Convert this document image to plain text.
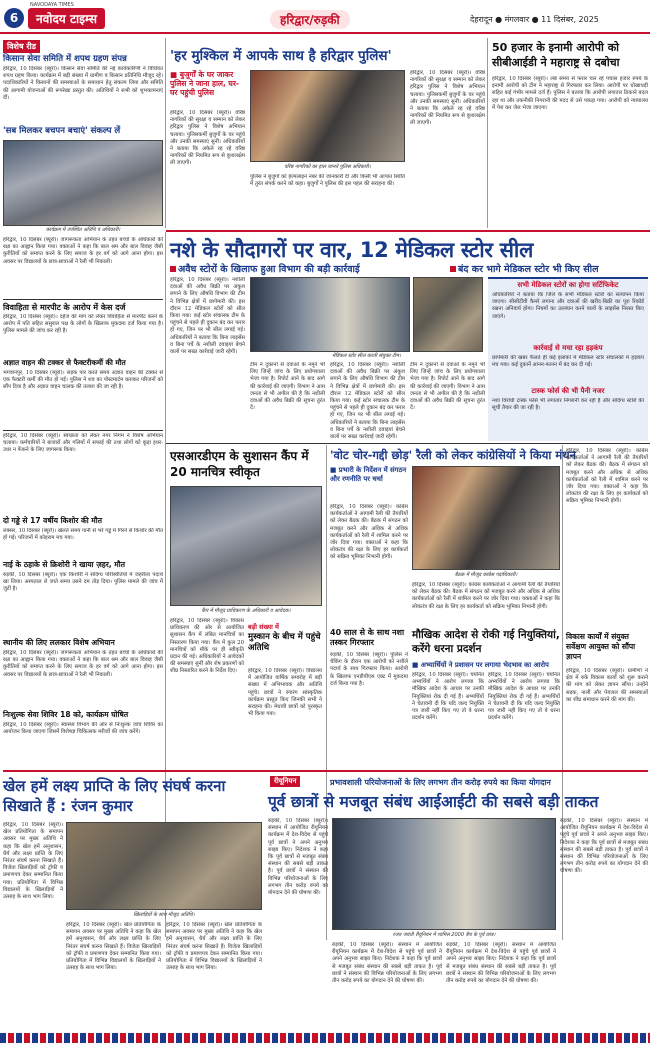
6
NAVODAYA TIMES
नवोदय टाइम्स	हरिद्वार/रुड़की	देहरादून ● मंगलवार ● 11 दिसंबर, 2025
विशेष रीड
किसान सेवा समिति में शपथ ग्रहण संपन्न
हरिद्वार, 10 दिसंबर (ब्यूरो)। किसान सेवा समिति की नई कार्यकारिणी ने विधिवत शपथ ग्रहण किया। कार्यक्रम में बड़ी संख्या में ग्रामीण व किसान प्रतिनिधि मौजूद रहे। पदाधिकारियों ने किसानों की समस्याओं के समाधान हेतु संकल्प लिया और समिति की आगामी योजनाओं की रूपरेखा प्रस्तुत की। अतिथियों ने सभी को शुभकामनाएं दीं।
'सब मिलकर बचपन बचाएं' संकल्प लें
कार्यक्रम में उपस्थित अतिथि व अधिकारी।
हरिद्वार, 10 दिसंबर (ब्यूरो)। जागरूकता अभियान के तहत बच्चों के अधिकारों की रक्षा का आह्वान किया गया। वक्ताओं ने कहा कि बाल श्रम और बाल विवाह जैसी कुरीतियों को समाप्त करने के लिए समाज के हर वर्ग को आगे आना होगा। इस अवसर पर विद्यालयों के छात्र-छात्राओं ने रैली भी निकाली।
विवाहिता से मारपीट के आरोप में केस दर्ज
हरिद्वार, 10 दिसंबर (ब्यूरो)। दहेज की मांग को लेकर विवाहिता से मारपीट करने के आरोप में पति सहित ससुराल पक्ष के लोगों के खिलाफ मुकदमा दर्ज किया गया है। पुलिस मामले की जांच कर रही है।
अज्ञात वाहन की टक्कर से फैक्टरीकर्मी की मौत
भगवानपुर, 10 दिसंबर (ब्यूरो)। सड़क पार करते समय अज्ञात वाहन की टक्कर से एक फैक्टरी कर्मी की मौत हो गई। पुलिस ने शव का पोस्टमार्टम कराकर परिजनों को सौंप दिया है और अज्ञात वाहन चालक की तलाश की जा रही है।
हरिद्वार, 10 दिसंबर (ब्यूरो)। स्वच्छता को लेकर नगर निगम ने विशेष अभियान चलाया। कर्मचारियों ने बाजारों और गलियों में सफाई की तथा लोगों को कूड़ा इधर-उधर न फेंकने के लिए जागरूक किया।
दो गड्डे से 17 वर्षीय किशोर की मौत
लक्सर, 10 दिसंबर (ब्यूरो)। खेलते समय पानी से भरे गड्ढे में गिरने से किशोर की मौत हो गई। परिजनों में कोहराम मच गया।
नाई के ठहाके से क्रिशोरी ने खाया ज़हर, मौत
रुड़की, 10 दिसंबर (ब्यूरो)। एक किशोरी ने संदिग्ध परिस्थितियों में जहरीला पदार्थ खा लिया। अस्पताल ले जाते समय उसने दम तोड़ दिया। पुलिस मामले की जांच में जुटी है।
स्थानीय की लिए ललकार विशेष अभियान
हरिद्वार, 10 दिसंबर (ब्यूरो)। जागरूकता अभियान के तहत बच्चों के अधिकारों की रक्षा का आह्वान किया गया। वक्ताओं ने कहा कि बाल श्रम और बाल विवाह जैसी कुरीतियों को समाप्त करने के लिए समाज के हर वर्ग को आगे आना होगा। इस अवसर पर विद्यालयों के छात्र-छात्राओं ने रैली भी निकाली।
निःशुल्क सेवा शिविर 18 को, कार्यक्रम घोषित
हरिद्वार, 10 दिसंबर (ब्यूरो)। स्वास्थ्य विभाग की ओर से निःशुल्क जांच शिविर का आयोजन किया जाएगा जिसमें विशेषज्ञ चिकित्सक मरीजों की जांच करेंगे।
'हर मुश्किल में आपके साथ है हरिद्वार पुलिस'
■ बुजुर्गों के घर जाकर पुलिस ने जाना हाल, घर-घर पहुंची पुलिस
हरिद्वार, 10 दिसंबर (ब्यूरो)। वरिष्ठ नागरिकों की सुरक्षा व सम्मान को लेकर हरिद्वार पुलिस ने विशेष अभियान चलाया। पुलिसकर्मी बुजुर्गों के घर पहुंचे और उनकी समस्याएं सुनीं। अधिकारियों ने बताया कि अकेले रह रहे वरिष्ठ नागरिकों की नियमित रूप से कुशलक्षेम ली जाएगी।
वरिष्ठ नागरिकों का हाल जानते पुलिस अधिकारी।
पुलिस ने बुजुर्गों को हेल्पलाइन नंबर की जानकारी दी और किसी भी आपात स्थिति में तुरंत संपर्क करने को कहा। बुजुर्गों ने पुलिस की इस पहल की सराहना की।
हरिद्वार, 10 दिसंबर (ब्यूरो)। वरिष्ठ नागरिकों की सुरक्षा व सम्मान को लेकर हरिद्वार पुलिस ने विशेष अभियान चलाया। पुलिसकर्मी बुजुर्गों के घर पहुंचे और उनकी समस्याएं सुनीं। अधिकारियों ने बताया कि अकेले रह रहे वरिष्ठ नागरिकों की नियमित रूप से कुशलक्षेम ली जाएगी।
50 हजार के इनामी आरोपी को सीबीआईडी ने महाराष्ट्र से दबोचा
हरिद्वार, 10 दिसंबर (ब्यूरो)। लंबे समय से फरार चल रहे पचास हजार रुपये के इनामी आरोपी को टीम ने महाराष्ट्र से गिरफ्तार कर लिया। आरोपी पर धोखाधड़ी सहित कई गंभीर मामले दर्ज हैं। पुलिस ने बताया कि आरोपी लगातार ठिकाने बदल रहा था और तकनीकी निगरानी की मदद से उसे पकड़ा गया। आरोपी को न्यायालय में पेश कर जेल भेजा जाएगा।
नशे के सौदागरों पर वार, 12 मेडिकल स्टोर सील
अवैध स्टोरों के खिलाफ हुआ विभाग की बड़ी कार्रवाई	बंद कर भागे मेडिकल स्टोर भी किए सील
हरिद्वार, 10 दिसंबर (ब्यूरो)। नशीली दवाओं की अवैध बिक्री पर अंकुश लगाने के लिए औषधि विभाग की टीम ने विभिन्न क्षेत्रों में छापेमारी की। इस दौरान 12 मेडिकल स्टोरों को सील किया गया। कई स्टोर संचालक टीम के पहुंचने से पहले ही दुकान बंद कर फरार हो गए, जिन पर भी सील लगाई गई। अधिकारियों ने बताया कि बिना लाइसेंस व बिना पर्चे के नशीली दवाइयां बेचने वालों पर सख्त कार्रवाई जारी रहेगी।
मेडिकल स्टोर सील करती संयुक्त टीम।
टीम ने दुकानों से दवाओं के नमूने भी लिए जिन्हें जांच के लिए प्रयोगशाला भेजा गया है। रिपोर्ट आने के बाद आगे की कार्रवाई की जाएगी। विभाग ने आम जनता से भी अपील की है कि नशीली दवाओं की अवैध बिक्री की सूचना तुरंत दें।
हरिद्वार, 10 दिसंबर (ब्यूरो)। नशीली दवाओं की अवैध बिक्री पर अंकुश लगाने के लिए औषधि विभाग की टीम ने विभिन्न क्षेत्रों में छापेमारी की। इस दौरान 12 मेडिकल स्टोरों को सील किया गया। कई स्टोर संचालक टीम के पहुंचने से पहले ही दुकान बंद कर फरार हो गए, जिन पर भी सील लगाई गई। अधिकारियों ने बताया कि बिना लाइसेंस व बिना पर्चे के नशीली दवाइयां बेचने वालों पर सख्त कार्रवाई जारी रहेगी।
टीम ने दुकानों से दवाओं के नमूने भी लिए जिन्हें जांच के लिए प्रयोगशाला भेजा गया है। रिपोर्ट आने के बाद आगे की कार्रवाई की जाएगी। विभाग ने आम जनता से भी अपील की है कि नशीली दवाओं की अवैध बिक्री की सूचना तुरंत दें।
सभी मेडिकल स्टोरों का होगा सर्टिफिकेट
अधिकारियों ने बताया कि जिले के सभी मेडिकल स्टोरों का सत्यापन किया जाएगा। सीसीटीवी कैमरे लगाना और दवाओं की खरीद-बिक्री का पूरा रिकॉर्ड रखना अनिवार्य होगा। नियमों का उल्लंघन करने वालों के लाइसेंस निरस्त किए जाएंगे।
कार्रवाई से मचा रहा हड़कंप
छापेमारी की खबर फैलते ही कई इलाकों में मेडिकल स्टोर संचालकों में हड़कंप मच गया। कई दुकानें आनन-फानन में बंद कर दी गईं।
टास्क फोर्स की भी पैनी नजर
नशा विरोधी टास्क फोर्स भी लगातार निगरानी कर रही है और संदिग्ध स्टोरों की सूची तैयार की जा रही है।
एसआरडीएम के सुशासन कैंप में 20 मानचित्र स्वीकृत
कैंप में मौजूद प्राधिकरण के अधिकारी व आवेदक।
हरिद्वार, 10 दिसंबर (ब्यूरो)। विकास प्राधिकरण की ओर से आयोजित सुशासन कैंप में लंबित मानचित्रों का निस्तारण किया गया। कैंप में कुल 20 मानचित्रों को मौके पर ही स्वीकृति प्रदान की गई। अधिकारियों ने आवेदकों की समस्याएं सुनीं और शेष प्रकरणों को शीघ्र निस्तारित करने के निर्देश दिए।
बड़ी संख्या में
मुस्कान के बीच में पहुंचे अतिथि
हरिद्वार, 10 दिसंबर (ब्यूरो)। विद्यालय में आयोजित वार्षिक समारोह में बड़ी संख्या में अभिभावक और अतिथि पहुंचे। छात्रों ने रंगारंग सांस्कृतिक कार्यक्रम प्रस्तुत किए जिनकी सभी ने सराहना की। मेधावी छात्रों को पुरस्कृत भी किया गया।
'वोट चोर-गद्दी छोड़' रैली को लेकर कांग्रेसियों ने किया मंथन
■ प्रभारी के निर्देशन में संगठन और रणनीति पर चर्चा
हरिद्वार, 10 दिसंबर (ब्यूरो)। कांग्रेस कार्यकर्ताओं ने आगामी रैली की तैयारियों को लेकर बैठक की। बैठक में संगठन को मजबूत करने और अधिक से अधिक कार्यकर्ताओं को रैली में शामिल करने पर जोर दिया गया। वक्ताओं ने कहा कि लोकतंत्र की रक्षा के लिए हर कार्यकर्ता को सक्रिय भूमिका निभानी होगी।
बैठक में मौजूद कांग्रेस पदाधिकारी।
हरिद्वार, 10 दिसंबर (ब्यूरो)। कांग्रेस कार्यकर्ताओं ने आगामी रैली की तैयारियों को लेकर बैठक की। बैठक में संगठन को मजबूत करने और अधिक से अधिक कार्यकर्ताओं को रैली में शामिल करने पर जोर दिया गया। वक्ताओं ने कहा कि लोकतंत्र की रक्षा के लिए हर कार्यकर्ता को सक्रिय भूमिका निभानी होगी।
40 साल से के साथ नशा तस्कर गिरफ्तार
रुड़की, 10 दिसंबर (ब्यूरो)। पुलिस ने चेकिंग के दौरान एक आरोपी को नशीले पदार्थ के साथ गिरफ्तार किया। आरोपी के खिलाफ एनडीपीएस एक्ट में मुकदमा दर्ज किया गया है।
मौखिक आदेश से रोकी गई नियुक्तियां, करेंगे धरना प्रदर्शन
■ अभ्यार्थियों ने प्रशासन पर लगाया भेदभाव का आरोप
हरिद्वार, 10 दिसंबर (ब्यूरो)। चयनित अभ्यर्थियों ने आरोप लगाया कि मौखिक आदेश के आधार पर उनकी नियुक्तियां रोक दी गई हैं। अभ्यर्थियों ने चेतावनी दी कि यदि जल्द नियुक्ति पत्र जारी नहीं किए गए तो वे धरना प्रदर्शन करेंगे।
हरिद्वार, 10 दिसंबर (ब्यूरो)। चयनित अभ्यर्थियों ने आरोप लगाया कि मौखिक आदेश के आधार पर उनकी नियुक्तियां रोक दी गई हैं। अभ्यर्थियों ने चेतावनी दी कि यदि जल्द नियुक्ति पत्र जारी नहीं किए गए तो वे धरना प्रदर्शन करेंगे।
हरिद्वार, 10 दिसंबर (ब्यूरो)। कांग्रेस कार्यकर्ताओं ने आगामी रैली की तैयारियों को लेकर बैठक की। बैठक में संगठन को मजबूत करने और अधिक से अधिक कार्यकर्ताओं को रैली में शामिल करने पर जोर दिया गया। वक्ताओं ने कहा कि लोकतंत्र की रक्षा के लिए हर कार्यकर्ता को सक्रिय भूमिका निभानी होगी।
विकास कार्यों में संयुक्त सर्वेक्षण आयुक्त को सौंपा ज्ञापन
हरिद्वार, 10 दिसंबर (ब्यूरो)। ग्रामीणों ने क्षेत्र में रुके विकास कार्यों को शुरू कराने की मांग को लेकर ज्ञापन सौंपा। उन्होंने सड़क, नाली और पेयजल की समस्याओं का शीघ्र समाधान करने की मांग की।
खेल हमें लक्ष्य प्राप्ति के लिए संघर्ष करना सिखाते हैं : रंजन कुमार
हरिद्वार, 10 दिसंबर (ब्यूरो)। खेल प्रतियोगिता के समापन अवसर पर मुख्य अतिथि ने कहा कि खेल हमें अनुशासन, धैर्य और लक्ष्य प्राप्ति के लिए निरंतर संघर्ष करना सिखाते हैं। विजेता खिलाड़ियों को ट्रॉफी व प्रमाणपत्र देकर सम्मानित किया गया। प्रतियोगिता में विभिन्न विद्यालयों के खिलाड़ियों ने उत्साह के साथ भाग लिया।
खिलाड़ियों के साथ मौजूद अतिथि।
हरिद्वार, 10 दिसंबर (ब्यूरो)। खेल प्रतियोगिता के समापन अवसर पर मुख्य अतिथि ने कहा कि खेल हमें अनुशासन, धैर्य और लक्ष्य प्राप्ति के लिए निरंतर संघर्ष करना सिखाते हैं। विजेता खिलाड़ियों को ट्रॉफी व प्रमाणपत्र देकर सम्मानित किया गया। प्रतियोगिता में विभिन्न विद्यालयों के खिलाड़ियों ने उत्साह के साथ भाग लिया।
हरिद्वार, 10 दिसंबर (ब्यूरो)। खेल प्रतियोगिता के समापन अवसर पर मुख्य अतिथि ने कहा कि खेल हमें अनुशासन, धैर्य और लक्ष्य प्राप्ति के लिए निरंतर संघर्ष करना सिखाते हैं। विजेता खिलाड़ियों को ट्रॉफी व प्रमाणपत्र देकर सम्मानित किया गया। प्रतियोगिता में विभिन्न विद्यालयों के खिलाड़ियों ने उत्साह के साथ भाग लिया।
रीयूनियन	प्रभावशाली परियोजनाओं के लिए लगभग तीन करोड़ रुपये का किया योगदान
पूर्व छात्रों से मजबूत संबंध आईआईटी की सबसे बड़ी ताकत
रुड़की, 10 दिसंबर (ब्यूरो)। संस्थान में आयोजित रीयूनियन कार्यक्रम में देश-विदेश से पहुंचे पूर्व छात्रों ने अपने अनुभव साझा किए। निदेशक ने कहा कि पूर्व छात्रों से मजबूत संबंध संस्थान की सबसे बड़ी ताकत है। पूर्व छात्रों ने संस्थान की विभिन्न परियोजनाओं के लिए लगभग तीन करोड़ रुपये का योगदान देने की घोषणा की।
रजत जयंती रीयूनियन में शामिल 2000 बैच के पूर्व छात्र।
रुड़की, 10 दिसंबर (ब्यूरो)। संस्थान में आयोजित रीयूनियन कार्यक्रम में देश-विदेश से पहुंचे पूर्व छात्रों ने अपने अनुभव साझा किए। निदेशक ने कहा कि पूर्व छात्रों से मजबूत संबंध संस्थान की सबसे बड़ी ताकत है। पूर्व छात्रों ने संस्थान की विभिन्न परियोजनाओं के लिए लगभग तीन करोड़ रुपये का योगदान देने की घोषणा की।
रुड़की, 10 दिसंबर (ब्यूरो)। संस्थान में आयोजित रीयूनियन कार्यक्रम में देश-विदेश से पहुंचे पूर्व छात्रों ने अपने अनुभव साझा किए। निदेशक ने कहा कि पूर्व छात्रों से मजबूत संबंध संस्थान की सबसे बड़ी ताकत है। पूर्व छात्रों ने संस्थान की विभिन्न परियोजनाओं के लिए लगभग तीन करोड़ रुपये का योगदान देने की घोषणा की।
रुड़की, 10 दिसंबर (ब्यूरो)। संस्थान में आयोजित रीयूनियन कार्यक्रम में देश-विदेश से पहुंचे पूर्व छात्रों ने अपने अनुभव साझा किए। निदेशक ने कहा कि पूर्व छात्रों से मजबूत संबंध संस्थान की सबसे बड़ी ताकत है। पूर्व छात्रों ने संस्थान की विभिन्न परियोजनाओं के लिए लगभग तीन करोड़ रुपये का योगदान देने की घोषणा की।
